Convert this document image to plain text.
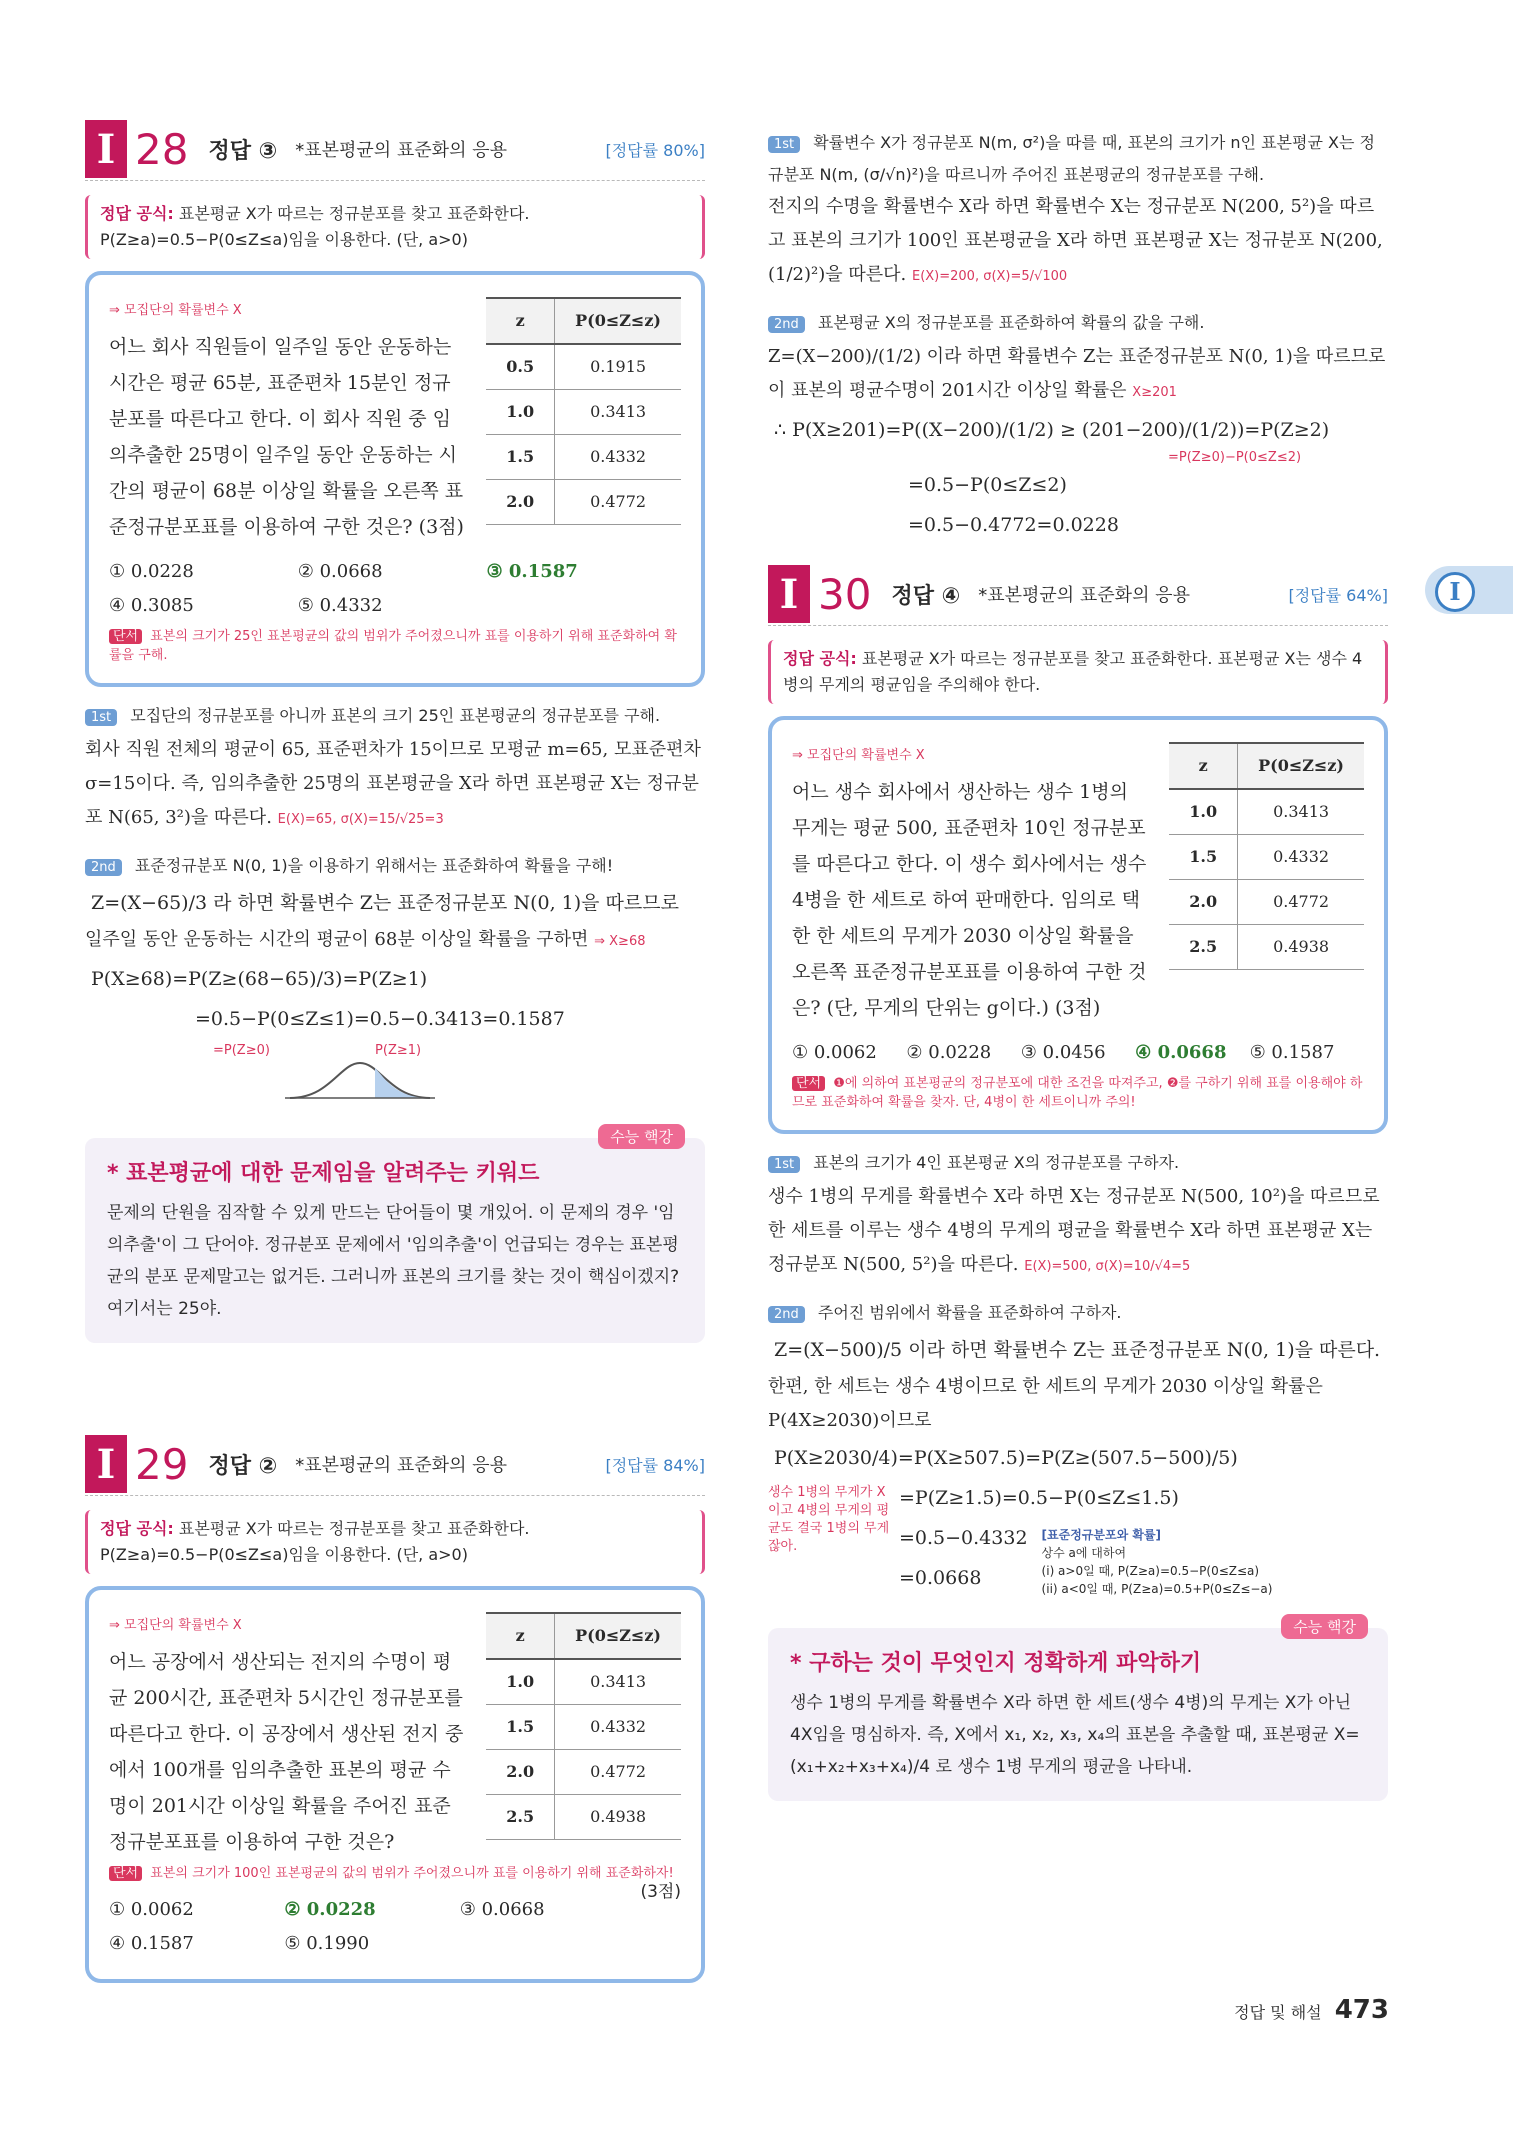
I 28 정답 ③ *표본평균의 표준화의 응용	[정답률 80%]
정답 공식: 표본평균 X가 따르는 정규분포를 찾고 표준화한다. P(Z≥a)=0.5−P(0≤Z≤a)임을 이용한다. (단, a>0)
z	P(0≤Z≤z)
0.5	0.1915
1.0	0.3413
1.5	0.4332
2.0	0.4772
⇒ 모집단의 확률변수 X
어느 회사 직원들이 일주일 동안 운동하는 시간은 평균 65분, 표준편차 15분인 정규분포를 따른다고 한다. 이 회사 직원 중 임의추출한 25명이 일주일 동안 운동하는 시간의 평균이 68분 이상일 확률을 오른쪽 표준정규분포표를 이용하여 구한 것은? (3점)
① 0.0228	② 0.0668	③ 0.1587
④ 0.3085	⑤ 0.4332
단서 표본의 크기가 25인 표본평균의 값의 범위가 주어졌으니까 표를 이용하기 위해 표준화하여 확률을 구해.
1st 모집단의 정규분포를 아니까 표본의 크기 25인 표본평균의 정규분포를 구해.
회사 직원 전체의 평균이 65, 표준편차가 15이므로 모평균 m=65, 모표준편차 σ=15이다. 즉, 임의추출한 25명의 표본평균을 X라 하면 표본평균 X는 정규분포 N(65, 3²)을 따른다. E(X)=65, σ(X)=15/√25=3
2nd 표준정규분포 N(0, 1)을 이용하기 위해서는 표준화하여 확률을 구해!
Z=(X−65)/3 라 하면 확률변수 Z는 표준정규분포 N(0, 1)을 따르므로
일주일 동안 운동하는 시간의 평균이 68분 이상일 확률을 구하면 ⇒ X≥68
P(X≥68)=P(Z≥(68−65)/3)=P(Z≥1)
=0.5−P(0≤Z≤1)=0.5−0.3413=0.1587
=P(Z≥0)	P(Z≥1)
수능 핵강
* 표본평균에 대한 문제임을 알려주는 키워드

문제의 단원을 짐작할 수 있게 만드는 단어들이 몇 개있어. 이 문제의 경우 '임의추출'이 그 단어야. 정규분포 문제에서 '임의추출'이 언급되는 경우는 표본평균의 분포 문제말고는 없거든. 그러니까 표본의 크기를 찾는 것이 핵심이겠지? 여기서는 25야.

I 29 정답 ② *표본평균의 표준화의 응용	[정답률 84%]
정답 공식: 표본평균 X가 따르는 정규분포를 찾고 표준화한다. P(Z≥a)=0.5−P(0≤Z≤a)임을 이용한다. (단, a>0)
z	P(0≤Z≤z)
1.0	0.3413
1.5	0.4332
2.0	0.4772
2.5	0.4938
⇒ 모집단의 확률변수 X
어느 공장에서 생산되는 전지의 수명이 평균 200시간, 표준편차 5시간인 정규분포를 따른다고 한다. 이 공장에서 생산된 전지 중에서 100개를 임의추출한 표본의 평균 수명이 201시간 이상일 확률을 주어진 표준정규분포표를 이용하여 구한 것은?
단서 표본의 크기가 100인 표본평균의 값의 범위가 주어졌으니까 표를 이용하기 위해 표준화하자!
(3점)
① 0.0062	② 0.0228	③ 0.0668
④ 0.1587	⑤ 0.1990
1st 확률변수 X가 정규분포 N(m, σ²)을 따를 때, 표본의 크기가 n인 표본평균 X는 정규분포 N(m, (σ/√n)²)을 따르니까 주어진 표본평균의 정규분포를 구해.
전지의 수명을 확률변수 X라 하면 확률변수 X는 정규분포 N(200, 5²)을 따르고 표본의 크기가 100인 표본평균을 X라 하면 표본평균 X는 정규분포 N(200, (1/2)²)을 따른다. E(X)=200, σ(X)=5/√100
2nd 표본평균 X의 정규분포를 표준화하여 확률의 값을 구해.
Z=(X−200)/(1/2) 이라 하면 확률변수 Z는 표준정규분포 N(0, 1)을 따르므로 이 표본의 평균수명이 201시간 이상일 확률은 X≥201
∴ P(X≥201)=P((X−200)/(1/2) ≥ (201−200)/(1/2))=P(Z≥2)
=P(Z≥0)−P(0≤Z≤2)
=0.5−P(0≤Z≤2)
=0.5−0.4772=0.0228
I 30 정답 ④ *표본평균의 표준화의 응용	[정답률 64%]
정답 공식: 표본평균 X가 따르는 정규분포를 찾고 표준화한다. 표본평균 X는 생수 4병의 무게의 평균임을 주의해야 한다.
z	P(0≤Z≤z)
1.0	0.3413
1.5	0.4332
2.0	0.4772
2.5	0.4938
⇒ 모집단의 확률변수 X
어느 생수 회사에서 생산하는 생수 1병의 무게는 평균 500, 표준편차 10인 정규분포를 따른다고 한다. 이 생수 회사에서는 생수 4병을 한 세트로 하여 판매한다. 임의로 택한 한 세트의 무게가 2030 이상일 확률을 오른쪽 표준정규분포표를 이용하여 구한 것은? (단, 무게의 단위는 g이다.) (3점)
① 0.0062	② 0.0228	③ 0.0456	④ 0.0668	⑤ 0.1587
단서 ❶에 의하여 표본평균의 정규분포에 대한 조건을 따져주고, ❷를 구하기 위해 표를 이용해야 하므로 표준화하여 확률을 찾자. 단, 4병이 한 세트이니까 주의!
1st 표본의 크기가 4인 표본평균 X의 정규분포를 구하자.
생수 1병의 무게를 확률변수 X라 하면 X는 정규분포 N(500, 10²)을 따르므로 한 세트를 이루는 생수 4병의 무게의 평균을 확률변수 X라 하면 표본평균 X는 정규분포 N(500, 5²)을 따른다. E(X)=500, σ(X)=10/√4=5
2nd 주어진 범위에서 확률을 표준화하여 구하자.
Z=(X−500)/5 이라 하면 확률변수 Z는 표준정규분포 N(0, 1)을 따른다.
한편, 한 세트는 생수 4병이므로 한 세트의 무게가 2030 이상일 확률은 P(4X≥2030)이므로
P(X≥2030/4)=P(X≥507.5)=P(Z≥(507.5−500)/5)
생수 1병의 무게가 X이고 4병의 무게의 평균도 결국 1병의 무게잖아.
=P(Z≥1.5)=0.5−P(0≤Z≤1.5)
=0.5−0.4332
=0.0668
[표준정규분포와 확률]
상수 a에 대하여
(i) a>0일 때, P(Z≥a)=0.5−P(0≤Z≤a)
(ii) a<0일 때, P(Z≥a)=0.5+P(0≤Z≤−a)
수능 핵강
* 구하는 것이 무엇인지 정확하게 파악하기

생수 1병의 무게를 확률변수 X라 하면 한 세트(생수 4병)의 무게는 X가 아닌 4X임을 명심하자. 즉, X에서 x₁, x₂, x₃, x₄의 표본을 추출할 때, 표본평균 X=(x₁+x₂+x₃+x₄)/4 로 생수 1병 무게의 평균을 나타내.

I
정답 및 해설 473
